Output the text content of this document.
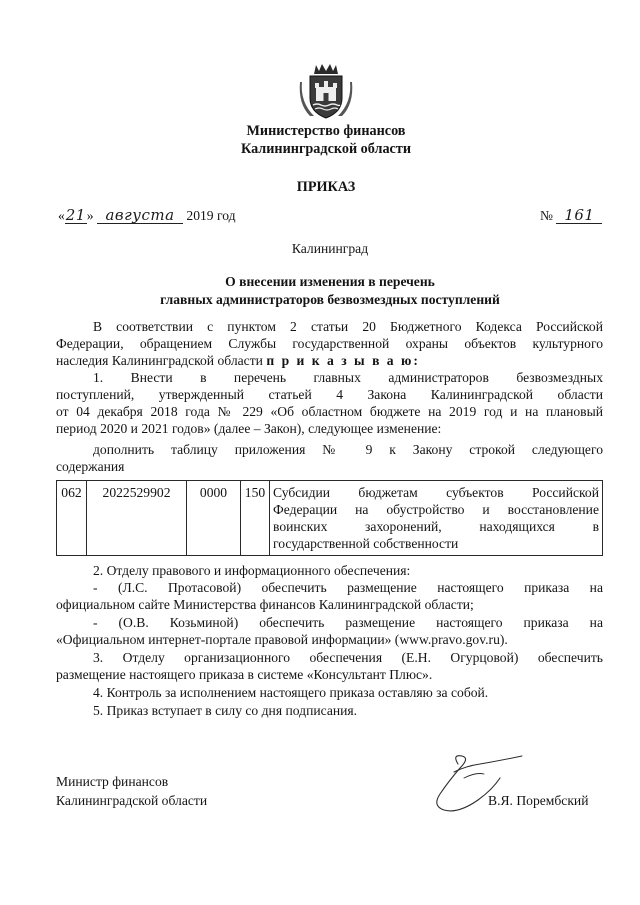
Министерство финансов

Калининградской области

ПРИКАЗ

«21» августа 2019 год	№ 161

Калининград

О внесении изменения в перечень

главных администраторов безвозмездных поступлений

В соответствии с пунктом 2 статьи 20 Бюджетного Кодекса Российской

Федерации, обращением Службы государственной охраны объектов культурного

наследия Калининградской области п р и к а з ы в а ю:

1. Внести в перечень главных администраторов безвозмездных

поступлений, утвержденный статьей 4 Закона Калининградской области

от 04 декабря 2018 года № 229 «Об областном бюджете на 2019 год и на плановый

период 2020 и 2021 годов» (далее – Закон), следующее изменение:

дополнить таблицу приложения № 9 к Закону строкой следующего

содержания

062	2022529902	0000	150	Субсидии бюджетам субъектов Российской
Федерации на обустройство и восстановление
воинских захоронений, находящихся в
государственной собственности

2. Отделу правового и информационного обеспечения:

- (Л.С. Протасовой) обеспечить размещение настоящего приказа на

официальном сайте Министерства финансов Калининградской области;

- (О.В. Козьминой) обеспечить размещение настоящего приказа на

«Официальном интернет-портале правовой информации» (www.pravo.gov.ru).

3. Отделу организационного обеспечения (Е.Н. Огурцовой) обеспечить

размещение настоящего приказа в системе «Консультант Плюс».

4. Контроль за исполнением настоящего приказа оставляю за собой.

5. Приказ вступает в силу со дня подписания.

Министр финансов

Калининградской области	В.Я. Порембский
